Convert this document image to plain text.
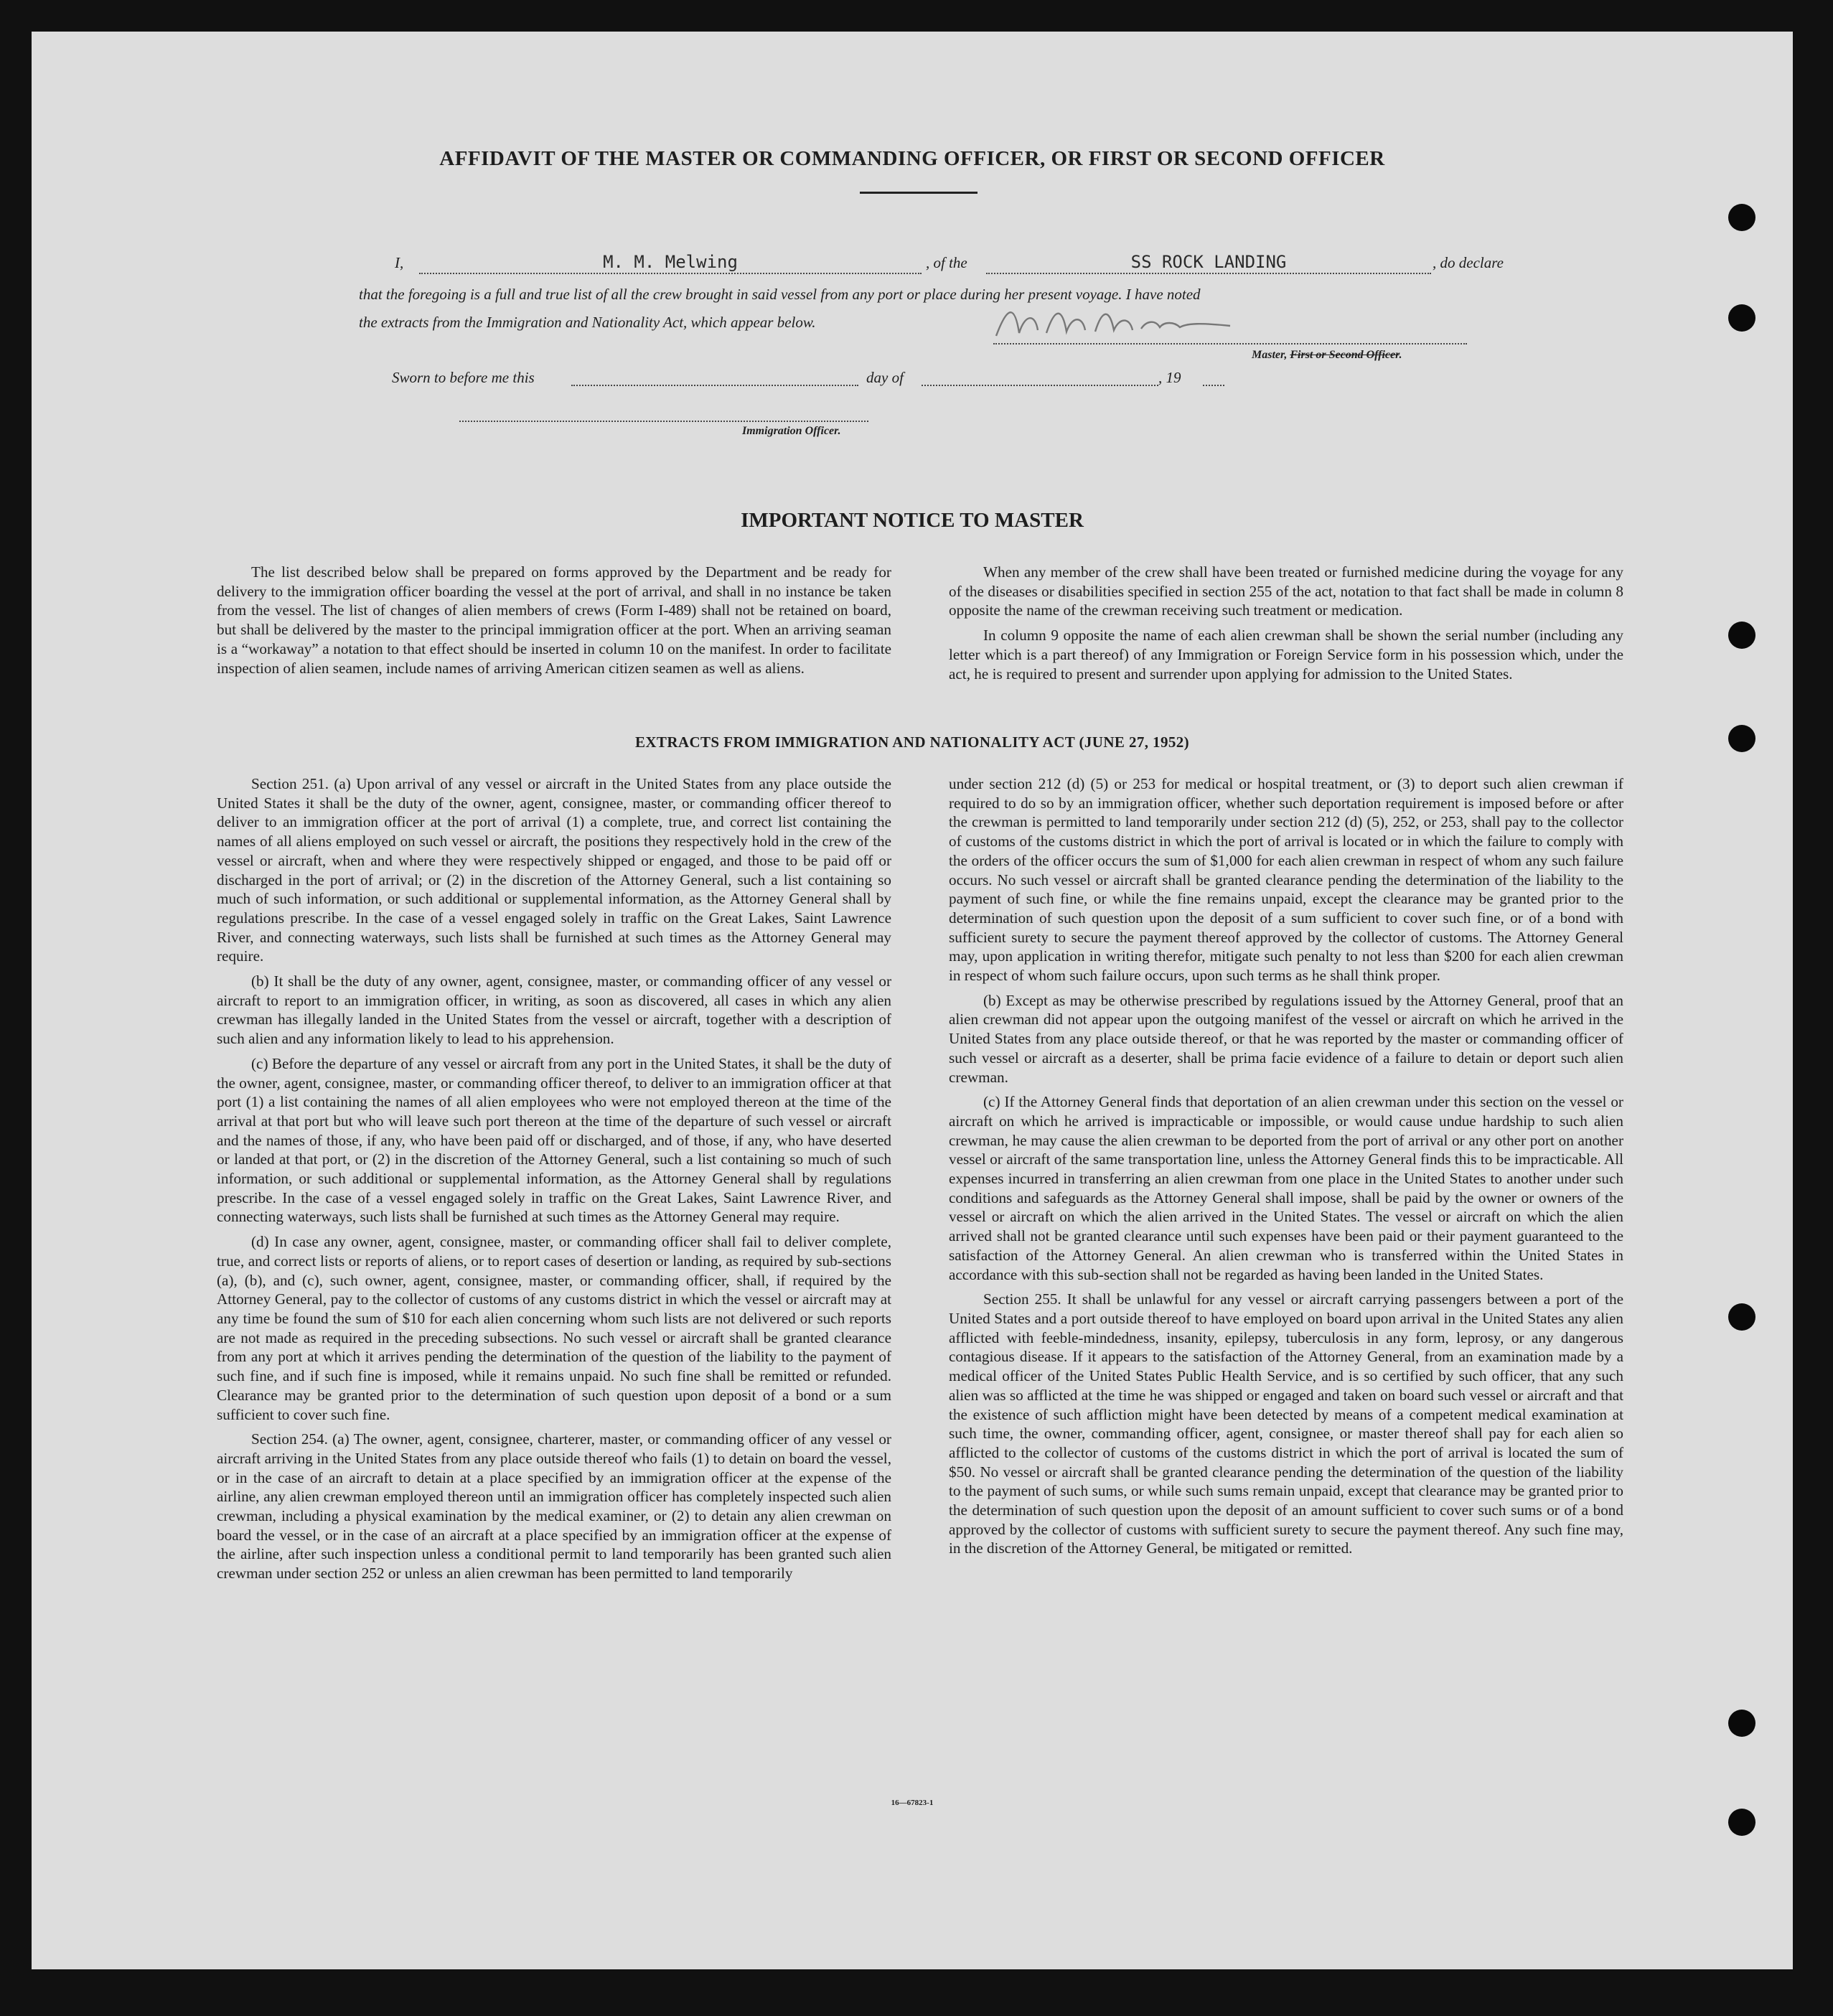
AFFIDAVIT OF THE MASTER OR COMMANDING OFFICER, OR FIRST OR SECOND OFFICER
I,	M. M. Melwing	, of the	SS ROCK LANDING	, do declare
that the foregoing is a full and true list of all the crew brought in said vessel from any port or place during her present voyage. I have noted
the extracts from the Immigration and Nationality Act, which appear below.
Master, First or Second Officer.
Sworn to before me this	day of	, 19
Immigration Officer.
IMPORTANT NOTICE TO MASTER

The list described below shall be prepared on forms approved by the Department and be ready for delivery to the immigration officer boarding the vessel at the port of arrival, and shall in no instance be taken from the vessel. The list of changes of alien members of crews (Form I-489) shall not be retained on board, but shall be delivered by the master to the principal immigration officer at the port. When an arriving seaman is a “workaway” a notation to that effect should be inserted in column 10 on the manifest. In order to facilitate inspection of alien seamen, include names of arriving American citizen seamen as well as aliens.

When any member of the crew shall have been treated or furnished medicine during the voyage for any of the diseases or disabilities specified in section 255 of the act, notation to that fact shall be made in column 8 opposite the name of the crewman receiving such treatment or medication.

In column 9 opposite the name of each alien crewman shall be shown the serial number (including any letter which is a part thereof) of any Immigration or Foreign Service form in his possession which, under the act, he is required to present and surrender upon applying for admission to the United States.

EXTRACTS FROM IMMIGRATION AND NATIONALITY ACT (JUNE 27, 1952)

Section 251. (a) Upon arrival of any vessel or aircraft in the United States from any place outside the United States it shall be the duty of the owner, agent, consignee, master, or commanding officer thereof to deliver to an immigration officer at the port of arrival (1) a complete, true, and correct list containing the names of all aliens employed on such vessel or aircraft, the positions they respectively hold in the crew of the vessel or aircraft, when and where they were respectively shipped or engaged, and those to be paid off or discharged in the port of arrival; or (2) in the discretion of the Attorney General, such a list containing so much of such information, or such additional or supplemental information, as the Attorney General shall by regulations prescribe. In the case of a vessel engaged solely in traffic on the Great Lakes, Saint Lawrence River, and connecting waterways, such lists shall be furnished at such times as the Attorney General may require.

(b) It shall be the duty of any owner, agent, consignee, master, or commanding officer of any vessel or aircraft to report to an immigration officer, in writing, as soon as discovered, all cases in which any alien crewman has illegally landed in the United States from the vessel or aircraft, together with a description of such alien and any information likely to lead to his apprehension.

(c) Before the departure of any vessel or aircraft from any port in the United States, it shall be the duty of the owner, agent, consignee, master, or commanding officer thereof, to deliver to an immigration officer at that port (1) a list containing the names of all alien employees who were not employed thereon at the time of the arrival at that port but who will leave such port thereon at the time of the departure of such vessel or aircraft and the names of those, if any, who have been paid off or discharged, and of those, if any, who have deserted or landed at that port, or (2) in the discretion of the Attorney General, such a list containing so much of such information, or such additional or supplemental information, as the Attorney General shall by regulations prescribe. In the case of a vessel engaged solely in traffic on the Great Lakes, Saint Lawrence River, and connecting waterways, such lists shall be furnished at such times as the Attorney General may require.

(d) In case any owner, agent, consignee, master, or commanding officer shall fail to deliver complete, true, and correct lists or reports of aliens, or to report cases of desertion or landing, as required by sub-sections (a), (b), and (c), such owner, agent, consignee, master, or commanding officer, shall, if required by the Attorney General, pay to the collector of customs of any customs district in which the vessel or aircraft may at any time be found the sum of $10 for each alien concerning whom such lists are not delivered or such reports are not made as required in the preceding subsections. No such vessel or aircraft shall be granted clearance from any port at which it arrives pending the determination of the question of the liability to the payment of such fine, and if such fine is imposed, while it remains unpaid. No such fine shall be remitted or refunded. Clearance may be granted prior to the determination of such question upon deposit of a bond or a sum sufficient to cover such fine.

Section 254. (a) The owner, agent, consignee, charterer, master, or commanding officer of any vessel or aircraft arriving in the United States from any place outside thereof who fails (1) to detain on board the vessel, or in the case of an aircraft to detain at a place specified by an immigration officer at the expense of the airline, any alien crewman employed thereon until an immigration officer has completely inspected such alien crewman, including a physical examination by the medical examiner, or (2) to detain any alien crewman on board the vessel, or in the case of an aircraft at a place specified by an immigration officer at the expense of the airline, after such inspection unless a conditional permit to land temporarily has been granted such alien crewman under section 252 or unless an alien crewman has been permitted to land temporarily

under section 212 (d) (5) or 253 for medical or hospital treatment, or (3) to deport such alien crewman if required to do so by an immigration officer, whether such deportation requirement is imposed before or after the crewman is permitted to land temporarily under section 212 (d) (5), 252, or 253, shall pay to the collector of customs of the customs district in which the port of arrival is located or in which the failure to comply with the orders of the officer occurs the sum of $1,000 for each alien crewman in respect of whom any such failure occurs. No such vessel or aircraft shall be granted clearance pending the determination of the liability to the payment of such fine, or while the fine remains unpaid, except the clearance may be granted prior to the determination of such question upon the deposit of a sum sufficient to cover such fine, or of a bond with sufficient surety to secure the payment thereof approved by the collector of customs. The Attorney General may, upon application in writing therefor, mitigate such penalty to not less than $200 for each alien crewman in respect of whom such failure occurs, upon such terms as he shall think proper.

(b) Except as may be otherwise prescribed by regulations issued by the Attorney General, proof that an alien crewman did not appear upon the outgoing manifest of the vessel or aircraft on which he arrived in the United States from any place outside thereof, or that he was reported by the master or commanding officer of such vessel or aircraft as a deserter, shall be prima facie evidence of a failure to detain or deport such alien crewman.

(c) If the Attorney General finds that deportation of an alien crewman under this section on the vessel or aircraft on which he arrived is impracticable or impossible, or would cause undue hardship to such alien crewman, he may cause the alien crewman to be deported from the port of arrival or any other port on another vessel or aircraft of the same transportation line, unless the Attorney General finds this to be impracticable. All expenses incurred in transferring an alien crewman from one place in the United States to another under such conditions and safeguards as the Attorney General shall impose, shall be paid by the owner or owners of the vessel or aircraft on which the alien arrived in the United States. The vessel or aircraft on which the alien arrived shall not be granted clearance until such expenses have been paid or their payment guaranteed to the satisfaction of the Attorney General. An alien crewman who is transferred within the United States in accordance with this sub-section shall not be regarded as having been landed in the United States.

Section 255. It shall be unlawful for any vessel or aircraft carrying passengers between a port of the United States and a port outside thereof to have employed on board upon arrival in the United States any alien afflicted with feeble-mindedness, insanity, epilepsy, tuberculosis in any form, leprosy, or any dangerous contagious disease. If it appears to the satisfaction of the Attorney General, from an examination made by a medical officer of the United States Public Health Service, and is so certified by such officer, that any such alien was so afflicted at the time he was shipped or engaged and taken on board such vessel or aircraft and that the existence of such affliction might have been detected by means of a competent medical examination at such time, the owner, commanding officer, agent, consignee, or master thereof shall pay for each alien so afflicted to the collector of customs of the customs district in which the port of arrival is located the sum of $50. No vessel or aircraft shall be granted clearance pending the determination of the question of the liability to the payment of such sums, or while such sums remain unpaid, except that clearance may be granted prior to the determination of such question upon the deposit of an amount sufficient to cover such sums or of a bond approved by the collector of customs with sufficient surety to secure the payment thereof. Any such fine may, in the discretion of the Attorney General, be mitigated or remitted.

16—67823-1
